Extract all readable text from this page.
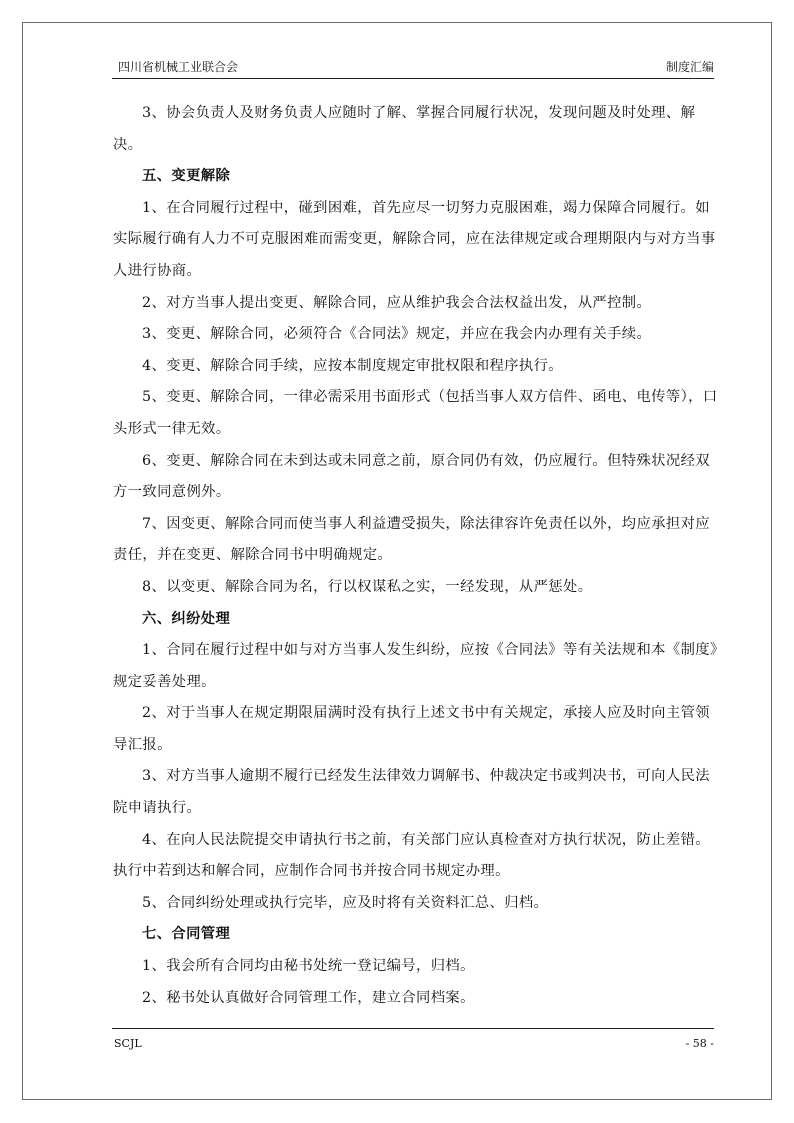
四川省机械工业联合会	制度汇编

3、协会负责人及财务负责人应随时了解、掌握合同履行状况，发现问题及时处理、解决。

五、变更解除

1、在合同履行过程中，碰到困难，首先应尽一切努力克服困难，竭力保障合同履行。如实际履行确有人力不可克服困难而需变更，解除合同，应在法律规定或合理期限内与对方当事人进行协商。

2、对方当事人提出变更、解除合同，应从维护我会合法权益出发，从严控制。

3、变更、解除合同，必须符合《合同法》规定，并应在我会内办理有关手续。

4、变更、解除合同手续，应按本制度规定审批权限和程序执行。

5、变更、解除合同，一律必需采用书面形式（包括当事人双方信件、函电、电传等），口头形式一律无效。

6、变更、解除合同在未到达或未同意之前，原合同仍有效，仍应履行。但特殊状况经双方一致同意例外。

7、因变更、解除合同而使当事人利益遭受损失，除法律容许免责任以外，均应承担对应责任，并在变更、解除合同书中明确规定。

8、以变更、解除合同为名，行以权谋私之实，一经发现，从严惩处。

六、纠纷处理

1、合同在履行过程中如与对方当事人发生纠纷，应按《合同法》等有关法规和本《制度》规定妥善处理。

2、对于当事人在规定期限届满时没有执行上述文书中有关规定，承接人应及时向主管领导汇报。

3、对方当事人逾期不履行已经发生法律效力调解书、仲裁决定书或判决书，可向人民法院申请执行。

4、在向人民法院提交申请执行书之前，有关部门应认真检查对方执行状况，防止差错。执行中若到达和解合同，应制作合同书并按合同书规定办理。

5、合同纠纷处理或执行完毕，应及时将有关资料汇总、归档。

七、合同管理

1、我会所有合同均由秘书处统一登记编号，归档。

2、秘书处认真做好合同管理工作，建立合同档案。

SCJL	- 58 -
